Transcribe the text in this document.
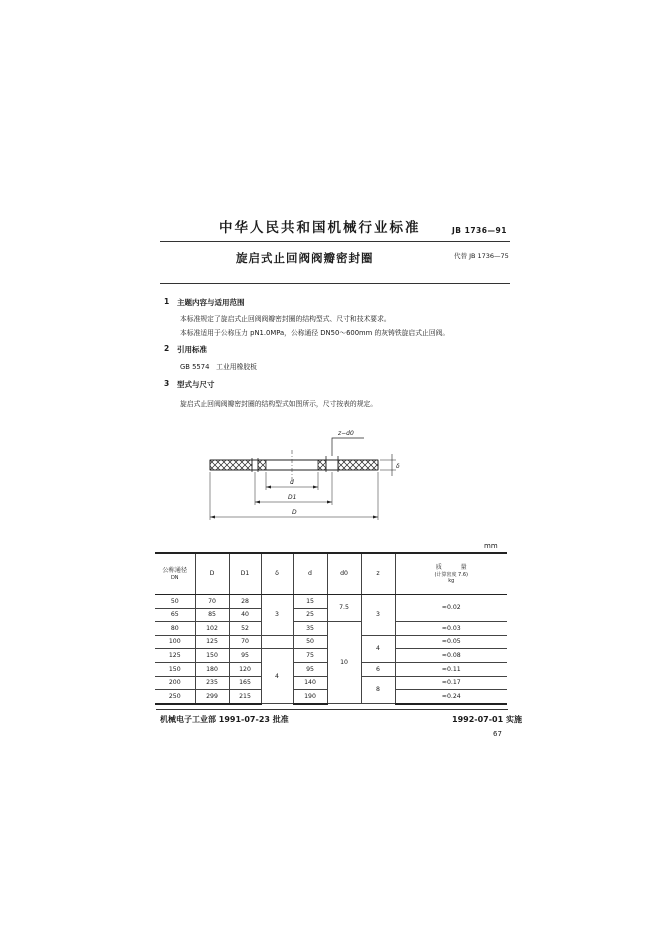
中华人民共和国机械行业标准	JB 1736—91
旋启式止回阀阀瓣密封圈	代替 JB 1736—75
1 主题内容与适用范围
本标准规定了旋启式止回阀阀瓣密封圈的结构型式、尺寸和技术要求。
本标准适用于公称压力 pN1.0MPa，公称通径 DN50～600mm 的灰铸铁旋启式止回阀。
2 引用标准
GB 5574　工业用橡胶板
3 型式与尺寸
旋启式止回阀阀瓣密封圈的结构型式如图所示，尺寸按表的规定。
z−d0
δ
d
D1
D
mm
公称通径
DN	D	D1	δ	d	d0	z	质　　　量
(计算密度 7.6)
kg

50	70	28	3	15	7.5	3	≈0.02
65	85	40		25			
80	102	52		35	10		≈0.03
100	125	70		50		4	≈0.05
125	150	95	4	75			≈0.08
150	180	120		95		6	≈0.11
200	235	165		140		8	≈0.17
250	299	215		190			≈0.24
机械电子工业部 1991-07-23 批准	1992-07-01 实施
67
